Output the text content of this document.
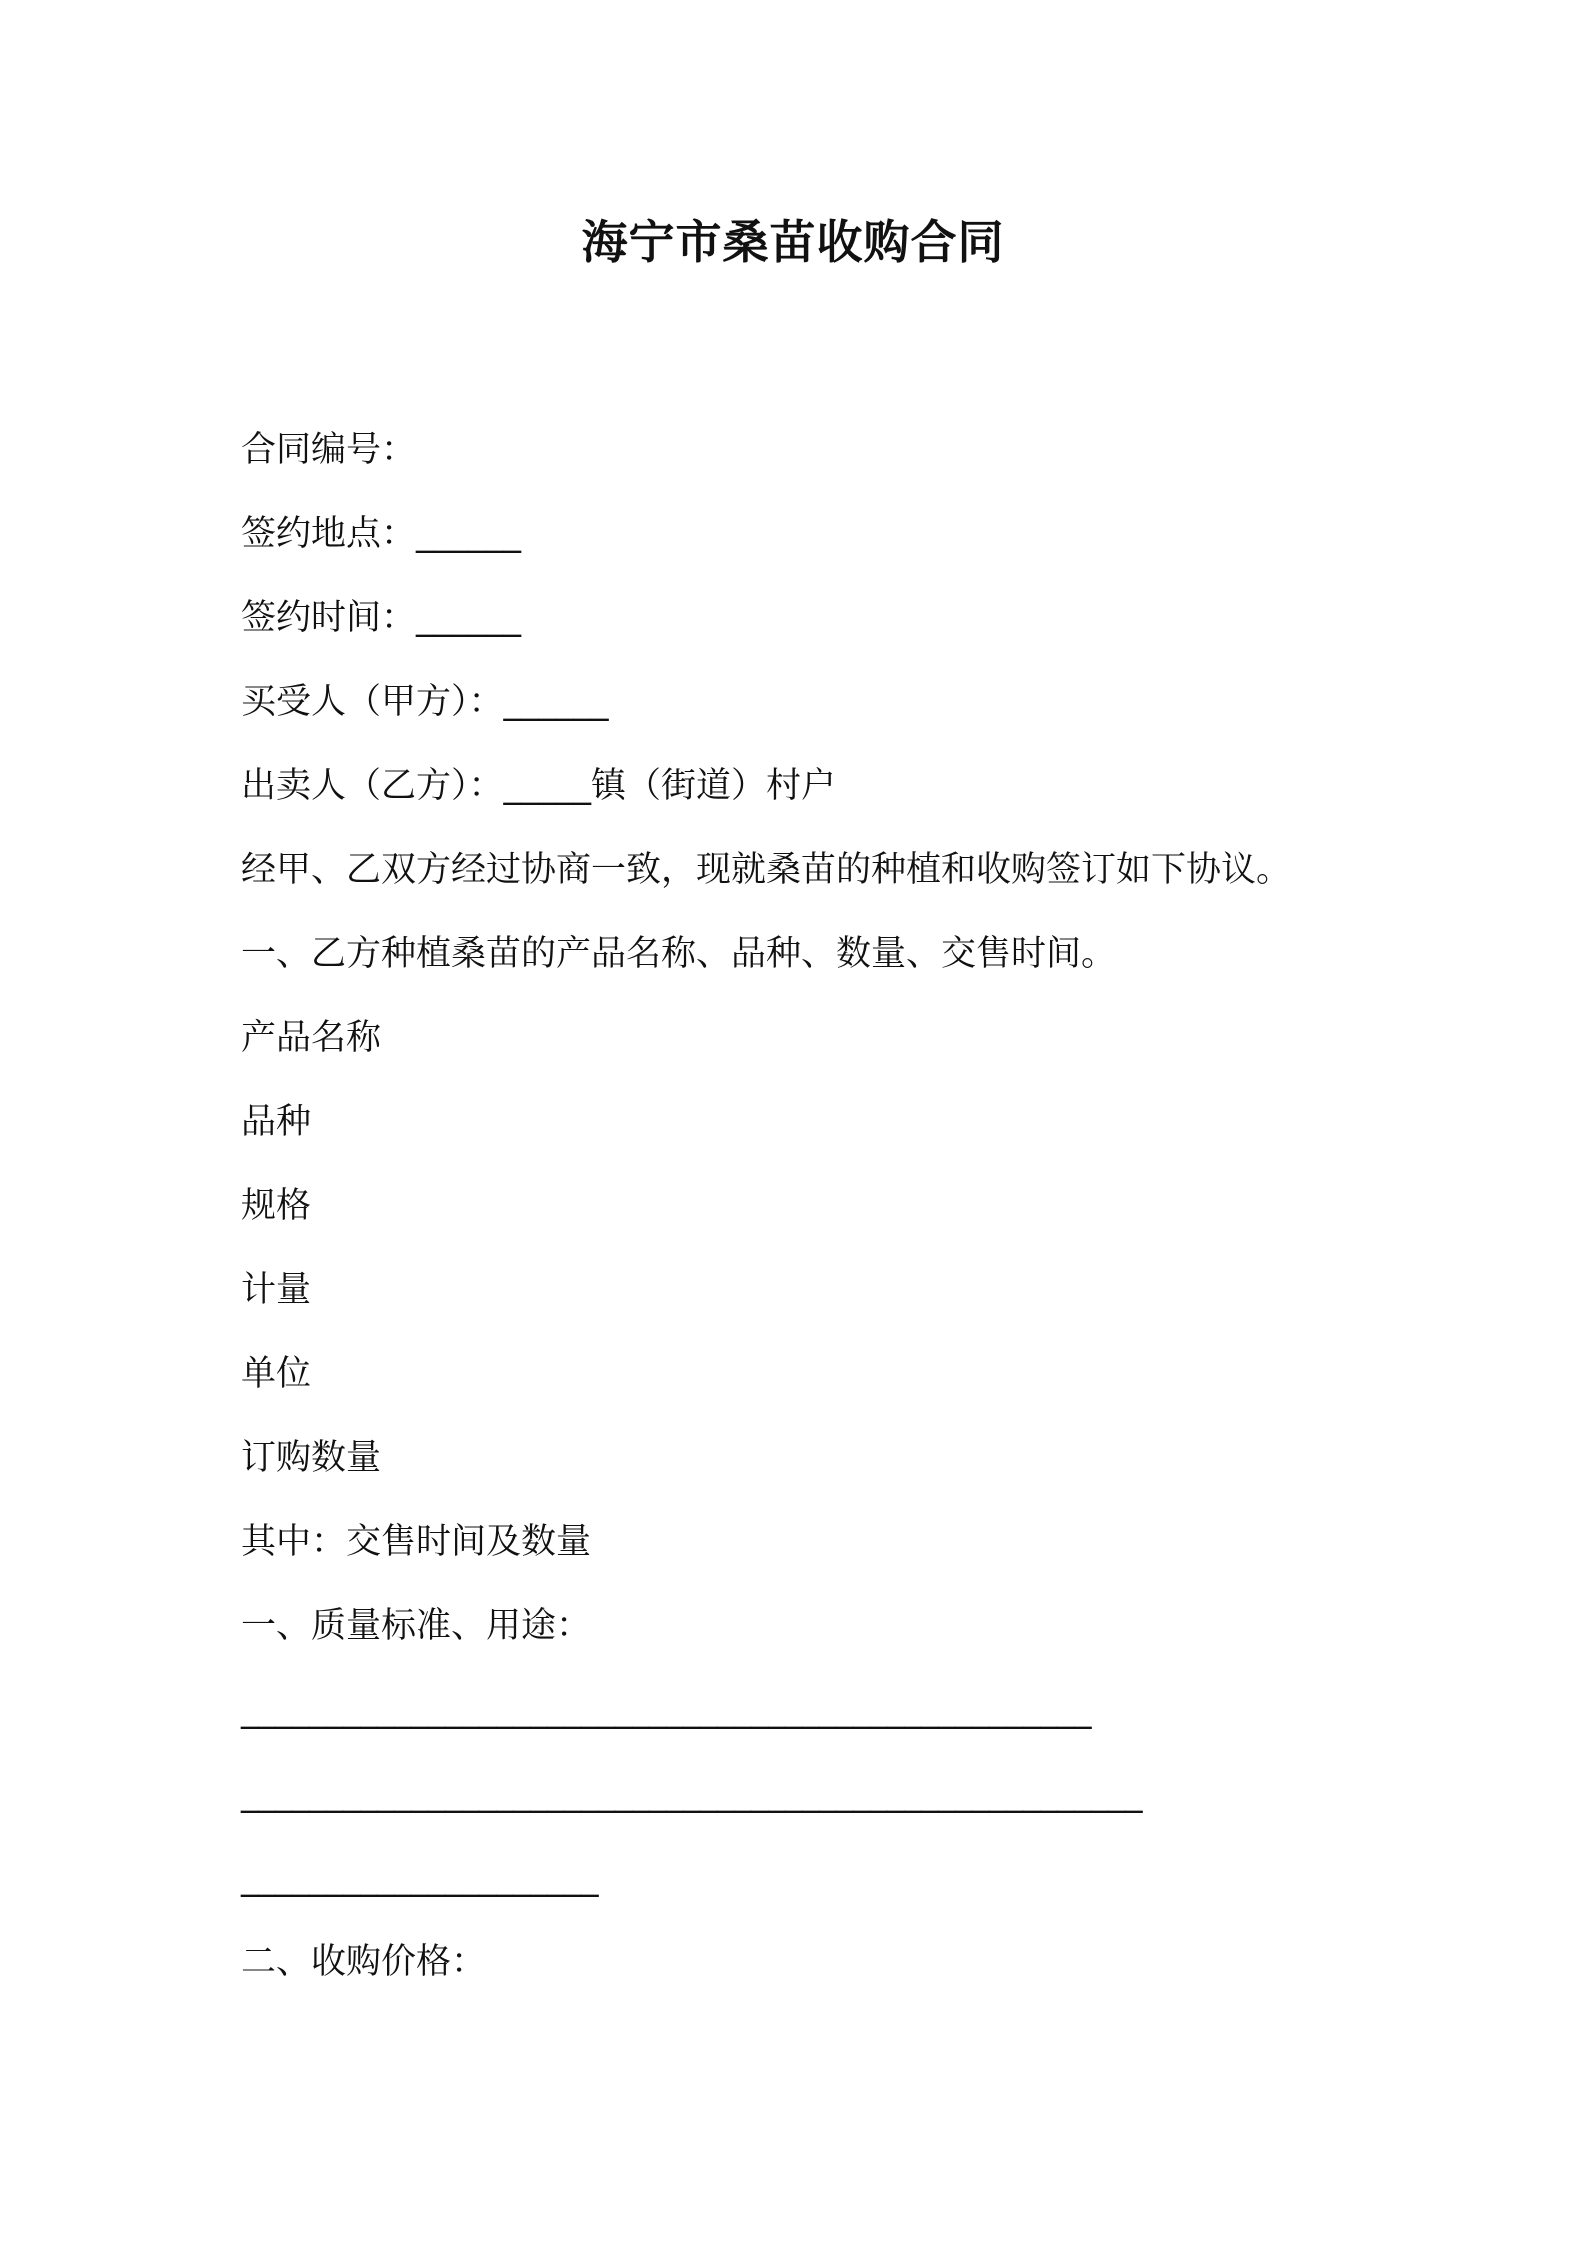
海宁市桑苗收购合同

合同编号：

签约地点：______

签约时间：______

买受人（甲方）：______

出卖人（乙方）：_____镇（街道）村户

经甲、乙双方经过协商一致，现就桑苗的种植和收购签订如下协议。

一、乙方种植桑苗的产品名称、品种、数量、交售时间。

产品名称

品种

规格

计量

单位

订购数量

其中：交售时间及数量

一、质量标准、用途：

__________________________________________________

_____________________________________________________

_____________________

二、收购价格：
